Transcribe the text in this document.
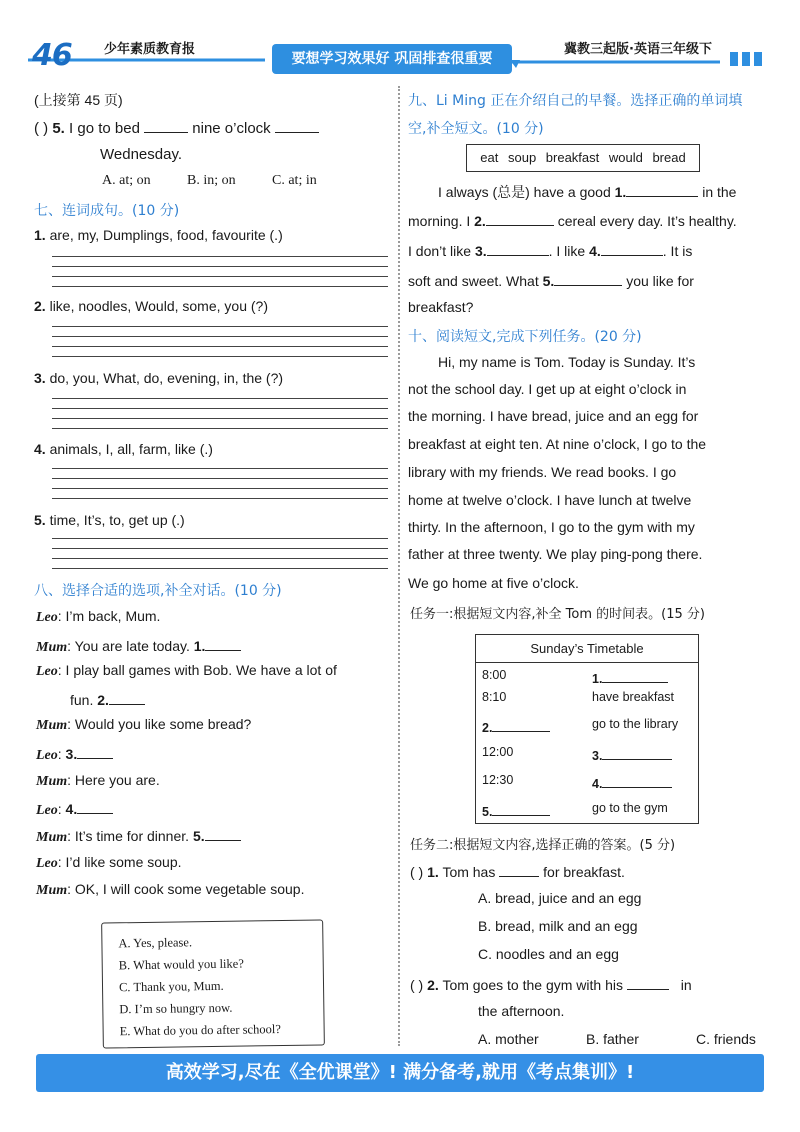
46 少年素质教育报
要想学习效果好 巩固排查很重要
冀教三起版·英语三年级下
(上接第 45 页)
( ) 5. I go to bed	nine o’clock
Wednesday.
A. at; on	B. in; on	C. at; in
七、连词成句。(10 分)
1. are, my, Dumplings, food, favourite (.)
2. like, noodles, Would, some, you (?)
3. do, you, What, do, evening, in, the (?)
4. animals, I, all, farm, like (.)
5. time, It’s, to, get up (.)
八、选择合适的选项,补全对话。(10 分)
Leo: I’m back, Mum.
Mum: You are late today. 1.
Leo: I play ball games with Bob. We have a lot of
fun. 2.
Mum: Would you like some bread?
Leo: 3.
Mum: Here you are.
Leo: 4.
Mum: It’s time for dinner. 5.
Leo: I’d like some soup.
Mum: OK, I will cook some vegetable soup.
A. Yes, please.
B. What would you like?
C. Thank you, Mum.
D. I’m so hungry now.
E. What do you do after school?
九、Li Ming 正在介绍自己的早餐。选择正确的单词填
空,补全短文。(10 分)
eat soup breakfast would bread
I always (总是) have a good 1.	in the
morning. I 2.	cereal every day. It’s healthy.
I don’t like 3.	. I like 4.	. It is
soft and sweet. What 5.	you like for
breakfast?
十、阅读短文,完成下列任务。(20 分)
Hi, my name is Tom. Today is Sunday. It’s
not the school day. I get up at eight o’clock in
the morning. I have bread, juice and an egg for
breakfast at eight ten. At nine o’clock, I go to the
library with my friends. We read books. I go
home at twelve o’clock. I have lunch at twelve
thirty. In the afternoon, I go to the gym with my
father at three twenty. We play ping-pong there.
We go home at five o’clock.
任务一:根据短文内容,补全 Tom 的时间表。(15 分)
Sunday’s Timetable
8:00	1.
8:10	have breakfast
2.	go to the library
12:00	3.
12:30	4.
5.	go to the gym
任务二:根据短文内容,选择正确的答案。(5 分)
( ) 1. Tom has	for breakfast.
A. bread, juice and an egg
B. bread, milk and an egg
C. noodles and an egg
( ) 2. Tom goes to the gym with his	in
the afternoon.
A. mother	B. father	C. friends
高效学习,尽在《全优课堂》! 满分备考,就用《考点集训》!
